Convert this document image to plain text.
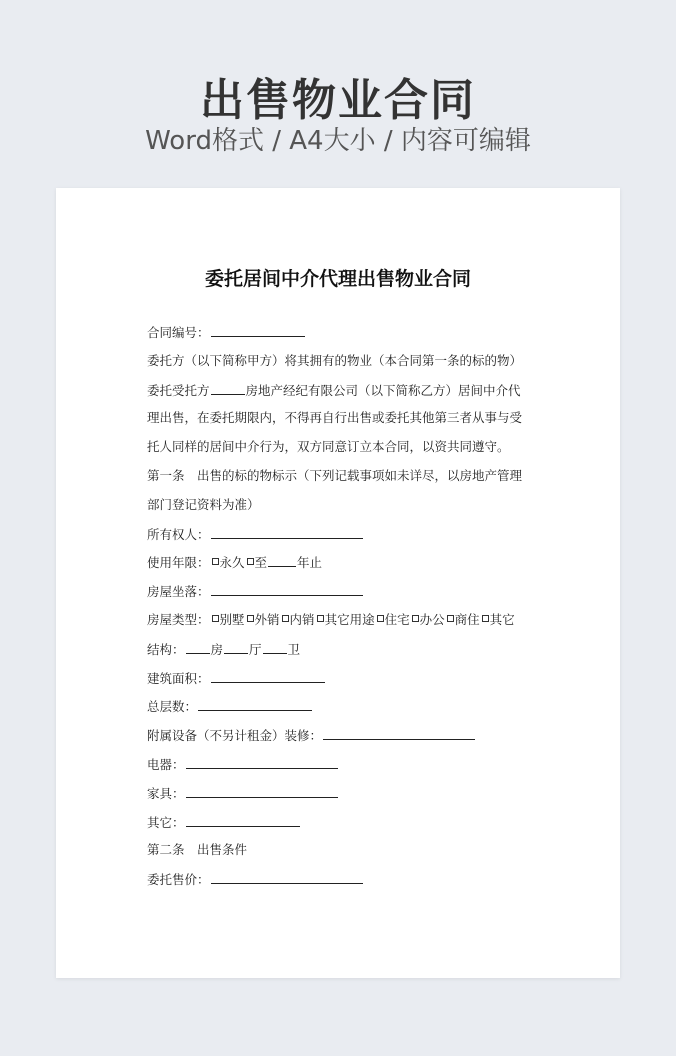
出售物业合同
Word格式 / A4大小 / 内容可编辑
委托居间中介代理出售物业合同
合同编号：
委托方（以下简称甲方）将其拥有的物业（本合同第一条的标的物）
委托受托方	房地产经纪有限公司（以下简称乙方）居间中介代
理出售，在委托期限内，不得再自行出售或委托其他第三者从事与受
托人同样的居间中介行为，双方同意订立本合同，以资共同遵守。
第一条　出售的标的物标示（下列记载事项如未详尽，以房地产管理
部门登记资料为准）
所有权人：
使用年限： 永久 至 年止
房屋坐落：
房屋类型： 别墅 外销 内销 其它用途 住宅 办公 商住 其它
结构： 房 厅 卫
建筑面积：
总层数：
附属设备（不另计租金）装修：
电器：
家具：
其它：
第二条　出售条件
委托售价：
